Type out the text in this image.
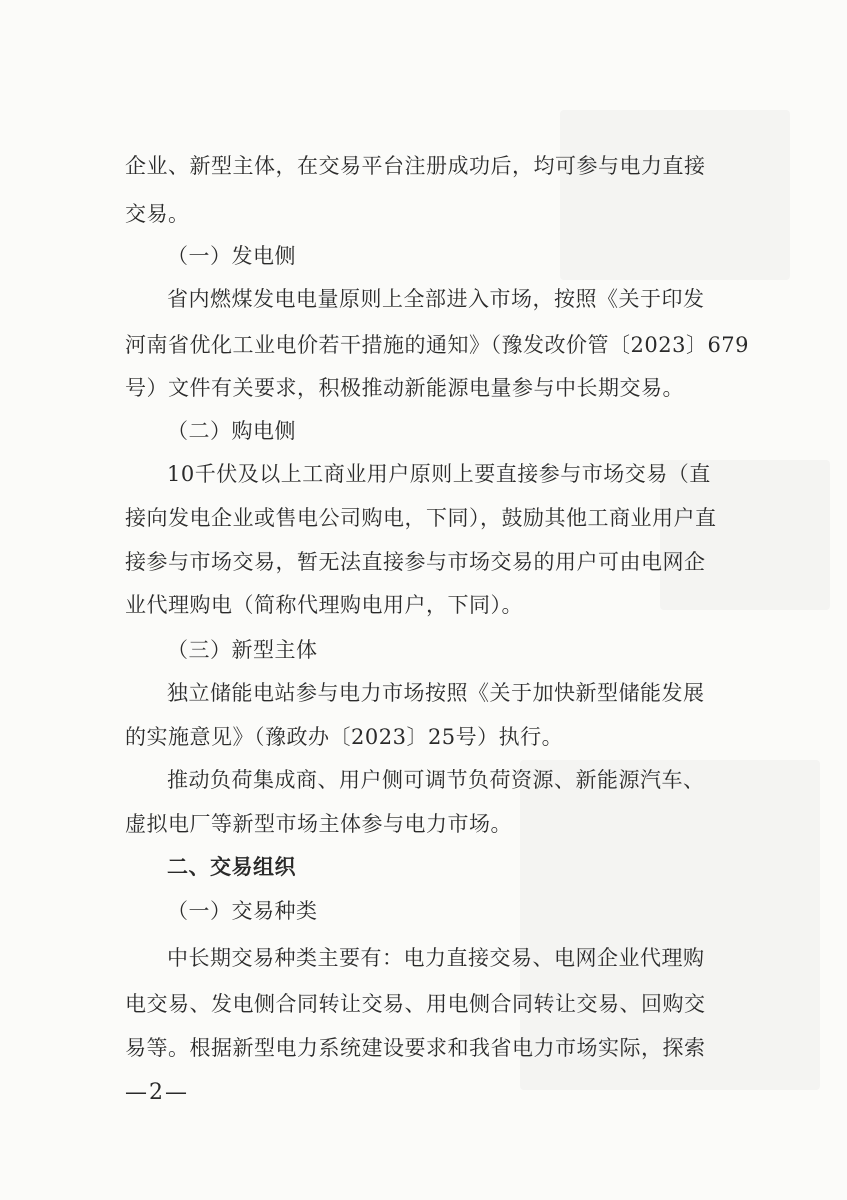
企业、新型主体，在交易平台注册成功后，均可参与电力直接
交易。
（一）发电侧
省内燃煤发电电量原则上全部进入市场，按照《关于印发
河南省优化工业电价若干措施的通知》（豫发改价管〔2023〕679
号）文件有关要求，积极推动新能源电量参与中长期交易。
（二）购电侧
10千伏及以上工商业用户原则上要直接参与市场交易（直
接向发电企业或售电公司购电，下同），鼓励其他工商业用户直
接参与市场交易，暂无法直接参与市场交易的用户可由电网企
业代理购电（简称代理购电用户，下同）。
（三）新型主体
独立储能电站参与电力市场按照《关于加快新型储能发展
的实施意见》（豫政办〔2023〕25号）执行。
推动负荷集成商、用户侧可调节负荷资源、新能源汽车、
虚拟电厂等新型市场主体参与电力市场。
二、交易组织
（一）交易种类
中长期交易种类主要有：电力直接交易、电网企业代理购
电交易、发电侧合同转让交易、用电侧合同转让交易、回购交
易等。根据新型电力系统建设要求和我省电力市场实际，探索
—2—
